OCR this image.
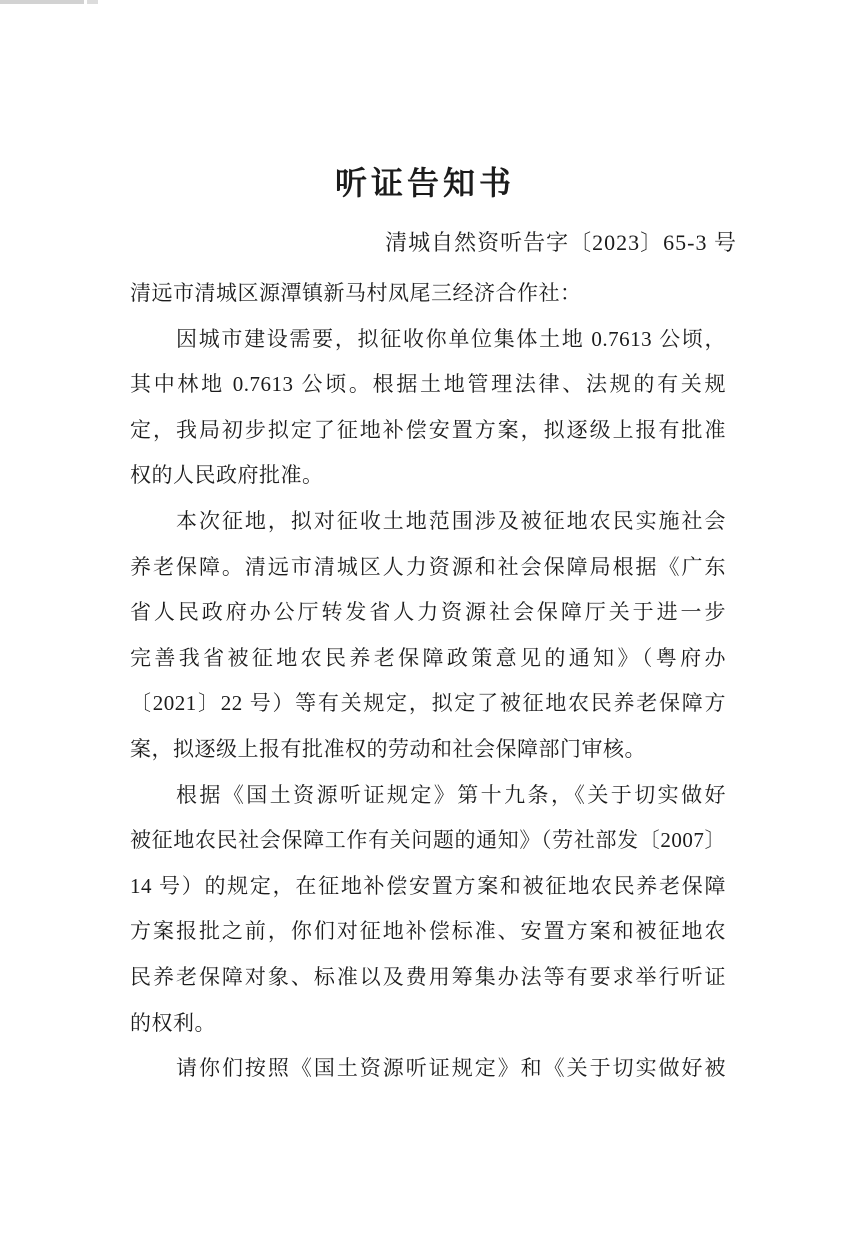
听证告知书
清城自然资听告字〔2023〕65-3 号
清远市清城区源潭镇新马村凤尾三经济合作社：
因城市建设需要，拟征收你单位集体土地 0.7613 公顷，
其中林地 0.7613 公顷。根据土地管理法律、法规的有关规
定，我局初步拟定了征地补偿安置方案，拟逐级上报有批准
权的人民政府批准。
本次征地，拟对征收土地范围涉及被征地农民实施社会
养老保障。清远市清城区人力资源和社会保障局根据《广东
省人民政府办公厅转发省人力资源社会保障厅关于进一步
完善我省被征地农民养老保障政策意见的通知》（粤府办
〔2021〕22 号）等有关规定，拟定了被征地农民养老保障方
案，拟逐级上报有批准权的劳动和社会保障部门审核。
根据《国土资源听证规定》第十九条，《关于切实做好
被征地农民社会保障工作有关问题的通知》（劳社部发〔2007〕
14 号）的规定，在征地补偿安置方案和被征地农民养老保障
方案报批之前，你们对征地补偿标准、安置方案和被征地农
民养老保障对象、标准以及费用筹集办法等有要求举行听证
的权利。
请你们按照《国土资源听证规定》和《关于切实做好被
